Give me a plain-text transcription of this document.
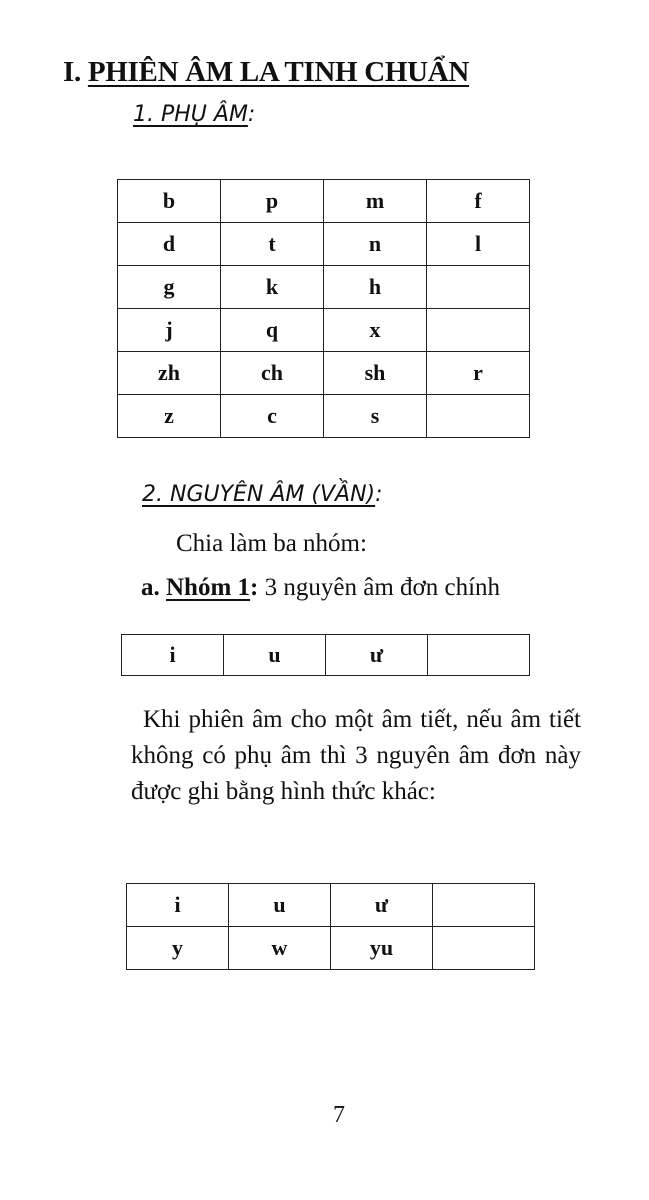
I. PHIÊN ÂM LA TINH CHUẨN
1. PHỤ ÂM:
b	p	m	f
d	t	n	l
g	k	h	
j	q	x	
zh	ch	sh	r
z	c	s	
2. NGUYÊN ÂM (VẦN):
Chia làm ba nhóm:
a. Nhóm 1: 3 nguyên âm đơn chính
i	u	ư	
Khi phiên âm cho một âm tiết, nếu âm tiết không có phụ âm thì 3 nguyên âm đơn này được ghi bằng hình thức khác:
i	u	ư	
y	w	yu	
7
